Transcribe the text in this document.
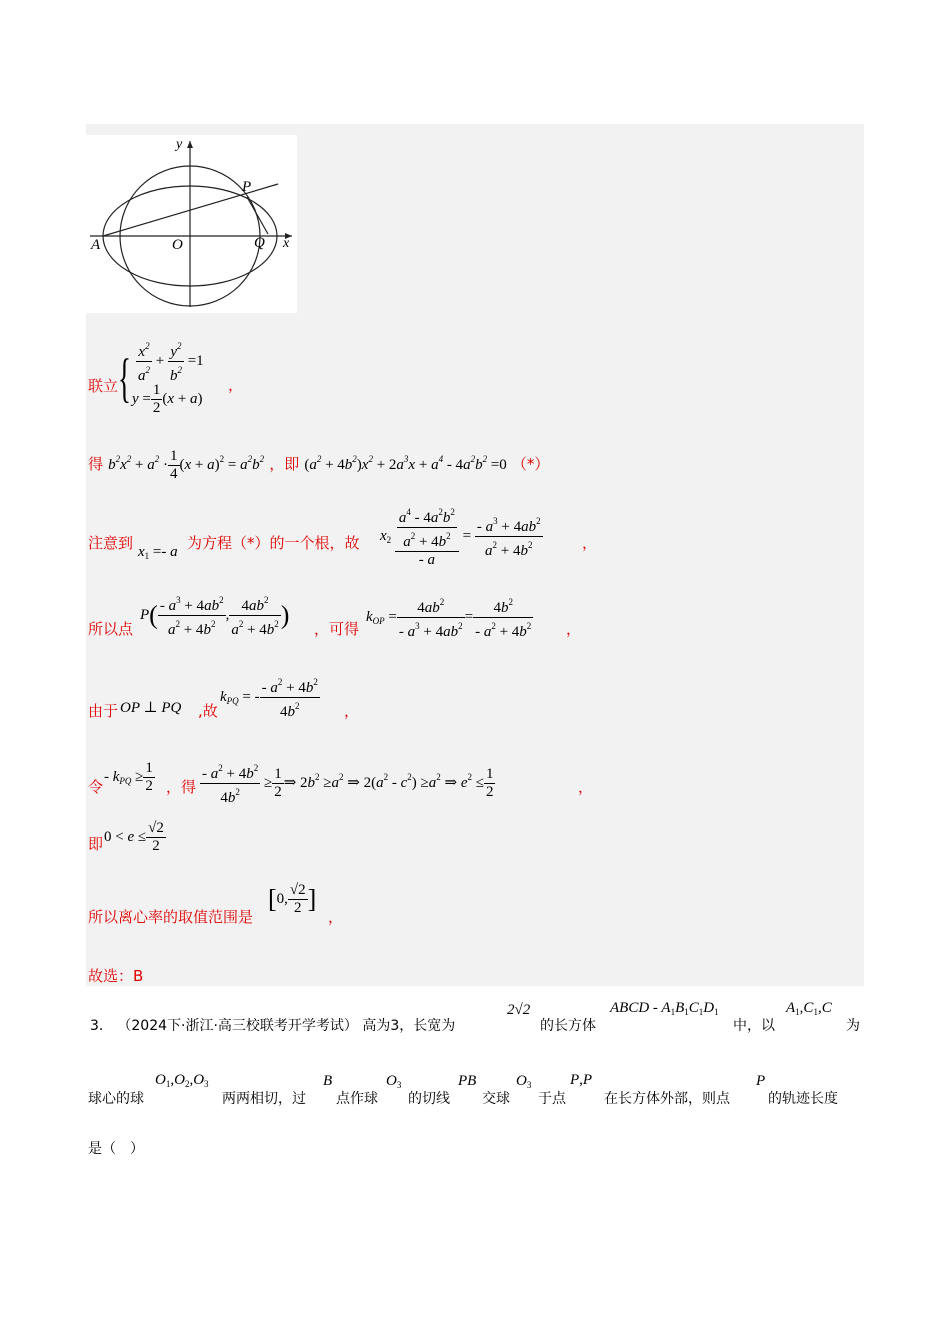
y
x
P
O
A	Q
联立 { $\frac{x^2}{a^2} + \frac{y^2}{b^2} =1$
$y = \frac{1}{2} (x + a)$
，
得 $b^2x^2 + a^2 \cdot \frac{1}{4} (x + a)^2 = a^2b^2$ ，即 $(a^2 + 4b^2)x^2 + 2a^3x + a^4 - 4a^2b^2 =0$ （*）
注意到 $x_1 =- a$ 为方程（*）的一个根，故 $x_2 \frac{\frac{a^4 - 4a^2b^2}{a^2 + 4b^2}}{- a} = \frac{- a^3 + 4ab^2}{a^2 + 4b^2}$	，
所以点
$P( \frac{- a^3 + 4ab^2}{a^2 + 4b^2}$ , $\frac{4ab^2}{a^2 + 4b^2}$ ) ，可得
$k_{OP} = \frac{4ab^2}{- a^3 + 4ab^2} = \frac{4b^2}{- a^2 + 4b^2}$ ，
由于 OP ⊥ PQ ,故
$k_{PQ}$ = - $\frac{- a^2 + 4b^2}{4b^2}$ ，
令
- $k_{PQ} \ge \frac{1}{2}$ ，得 $\frac{- a^2 + 4b^2}{4b^2} \ge \frac{1}{2}$ ⇒ $2b^2 \ge a^2$ ⇒ $2(a^2 - c^2) \ge a^2$ ⇒ $e^2 \le \frac{1}{2}$	，
即 $0 < e \le \frac{√2}{2}$
所以离心率的取值范围是
[0, $\frac{√2}{2}$ ]
，
故选：B
3． （2024下·浙江·高三校联考开学考试） 高为3，长宽为
2√2
的长方体
ABCD - $A_1B_1C_1D_1$
中，以
$A_1,C_1,C$
为
球心的球
$O_1,O_2,O_3$
两两相切，过
B
点作球
$O_3$
的切线
PB
交球
$O_3$
于点
P,P
在长方体外部，则点
P
的轨迹长度
是（　）
